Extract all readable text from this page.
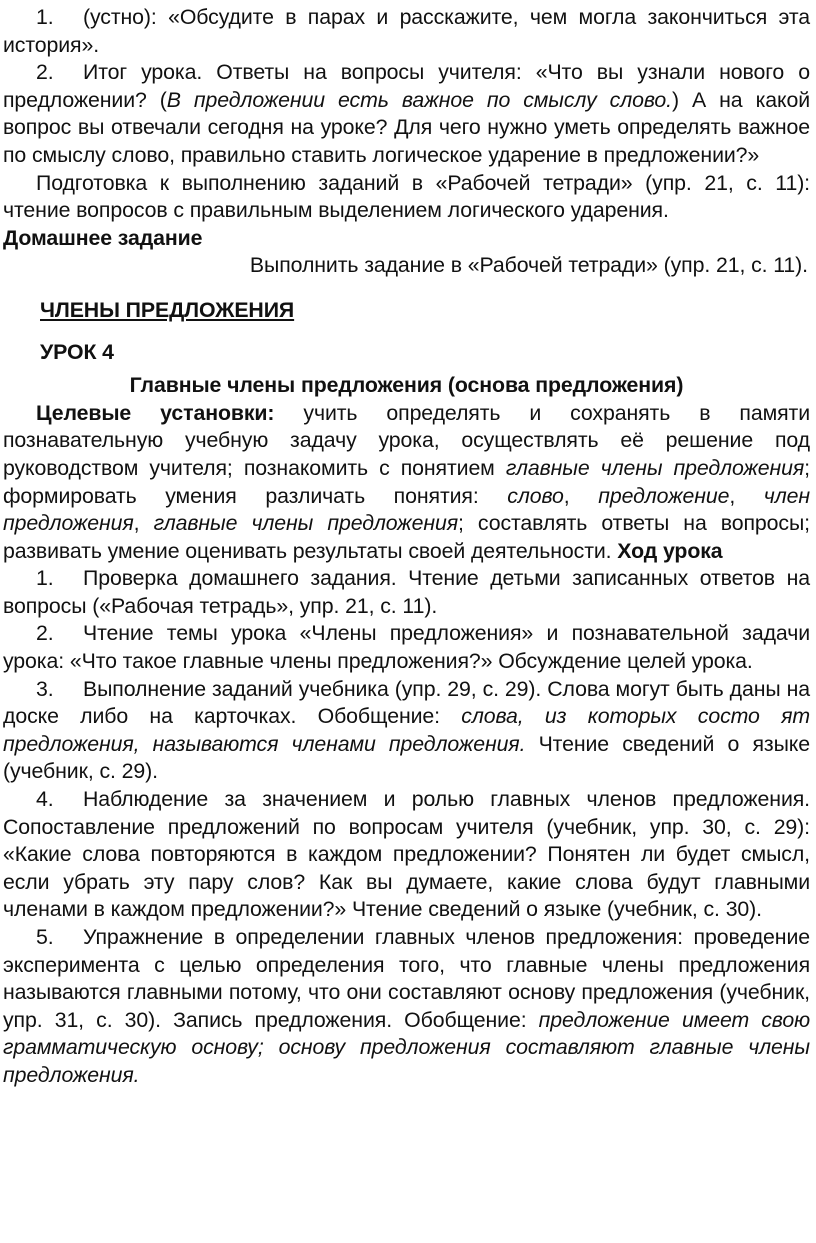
1. (устно): «Обсудите в парах и расскажите, чем могла закончиться эта история».

2. Итог урока. Ответы на вопросы учителя: «Что вы узнали нового о предложении? (В предложении есть важное по смыслу слово.) А на какой вопрос вы отвечали сегодня на уроке? Для чего нужно уметь определять важное по смыслу слово, правильно ставить логическое ударение в предложении?»

Подготовка к выполнению заданий в «Рабочей тетради» (упр. 21, с. 11): чтение вопросов с правильным выделением логического ударения.

Домашнее задание

Выполнить задание в «Рабочей тетради» (упр. 21, с. 11).

ЧЛЕНЫ ПРЕДЛОЖЕНИЯ

УРОК 4

Главные члены предложения (основа предложения)

Целевые установки: учить определять и сохранять в памяти познавательную учебную задачу урока, осуществлять её решение под руководством учителя; познакомить с понятием главные члены предложения; формировать умения различать понятия: слово, предложение, член предложения, главные члены предложения; составлять ответы на вопросы; развивать умение оценивать результаты своей деятельности. Ход урока

1. Проверка домашнего задания. Чтение детьми записанных ответов на вопросы («Рабочая тетрадь», упр. 21, с. 11).

2. Чтение темы урока «Члены предложения» и познавательной задачи урока: «Что такое главные члены предложения?» Обсуждение целей урока.

3. Выполнение заданий учебника (упр. 29, с. 29). Слова могут быть даны на доске либо на карточках. Обобщение: слова, из которых состо ят предложения, называются членами предложения. Чтение сведений о языке (учебник, с. 29).

4. Наблюдение за значением и ролью главных членов предложения. Сопоставление предложений по вопросам учителя (учебник, упр. 30, с. 29): «Какие слова повторяются в каждом предложении? Понятен ли будет смысл, если убрать эту пару слов? Как вы думаете, какие слова будут главными членами в каждом предложении?» Чтение сведений о языке (учебник, с. 30).

5. Упражнение в определении главных членов предложения: проведение эксперимента с целью определения того, что главные члены предложения называются главными потому, что они составляют основу предложения (учебник, упр. 31, с. 30). Запись предложения. Обобщение: предложение имеет свою грамматическую основу; основу предложения составляют главные члены предложения.
